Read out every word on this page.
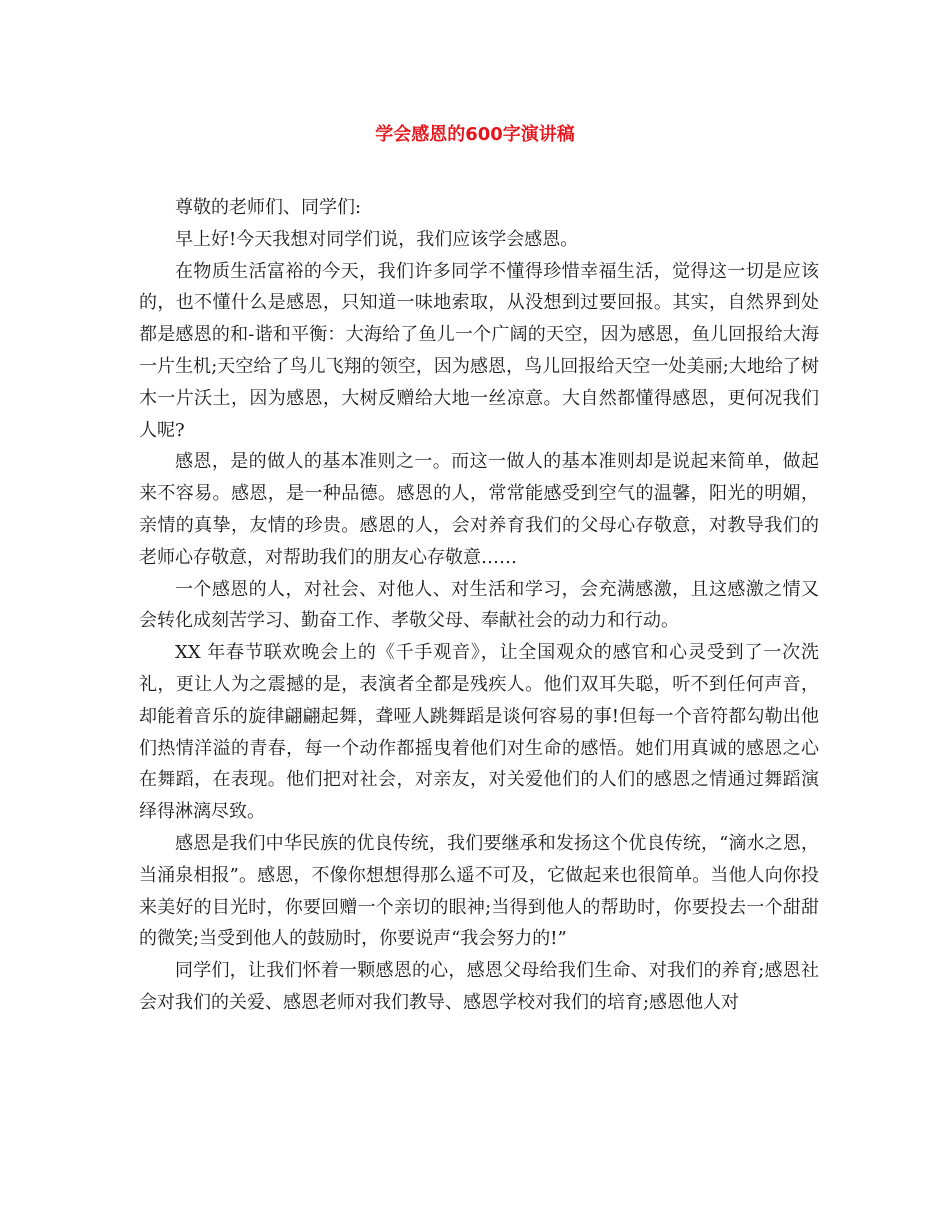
学会感恩的600字演讲稿

尊敬的老师们、同学们:

早上好!今天我想对同学们说，我们应该学会感恩。

在物质生活富裕的今天，我们许多同学不懂得珍惜幸福生活，觉得这一切是应该的，也不懂什么是感恩，只知道一味地索取，从没想到过要回报。其实，自然界到处都是感恩的和-谐和平衡：大海给了鱼儿一个广阔的天空，因为感恩，鱼儿回报给大海一片生机;天空给了鸟儿飞翔的领空，因为感恩，鸟儿回报给天空一处美丽;大地给了树木一片沃土，因为感恩，大树反赠给大地一丝凉意。大自然都懂得感恩，更何况我们人呢?

感恩，是的做人的基本准则之一。而这一做人的基本准则却是说起来简单，做起来不容易。感恩，是一种品德。感恩的人，常常能感受到空气的温馨，阳光的明媚，亲情的真挚，友情的珍贵。感恩的人，会对养育我们的父母心存敬意，对教导我们的老师心存敬意，对帮助我们的朋友心存敬意……

一个感恩的人，对社会、对他人、对生活和学习，会充满感激，且这感激之情又会转化成刻苦学习、勤奋工作、孝敬父母、奉献社会的动力和行动。

XX 年春节联欢晚会上的《千手观音》，让全国观众的感官和心灵受到了一次洗礼，更让人为之震撼的是，表演者全都是残疾人。他们双耳失聪，听不到任何声音，却能着音乐的旋律翩翩起舞，聋哑人跳舞蹈是谈何容易的事!但每一个音符都勾勒出他们热情洋溢的青春，每一个动作都摇曳着他们对生命的感悟。她们用真诚的感恩之心在舞蹈，在表现。他们把对社会，对亲友，对关爱他们的人们的感恩之情通过舞蹈演绎得淋漓尽致。

感恩是我们中华民族的优良传统，我们要继承和发扬这个优良传统，“滴水之恩，当涌泉相报”。感恩，不像你想想得那么遥不可及，它做起来也很简单。当他人向你投来美好的目光时，你要回赠一个亲切的眼神;当得到他人的帮助时，你要投去一个甜甜的微笑;当受到他人的鼓励时，你要说声“我会努力的!”

同学们，让我们怀着一颗感恩的心，感恩父母给我们生命、对我们的养育;感恩社会对我们的关爱、感恩老师对我们教导、感恩学校对我们的培育;感恩他人对
